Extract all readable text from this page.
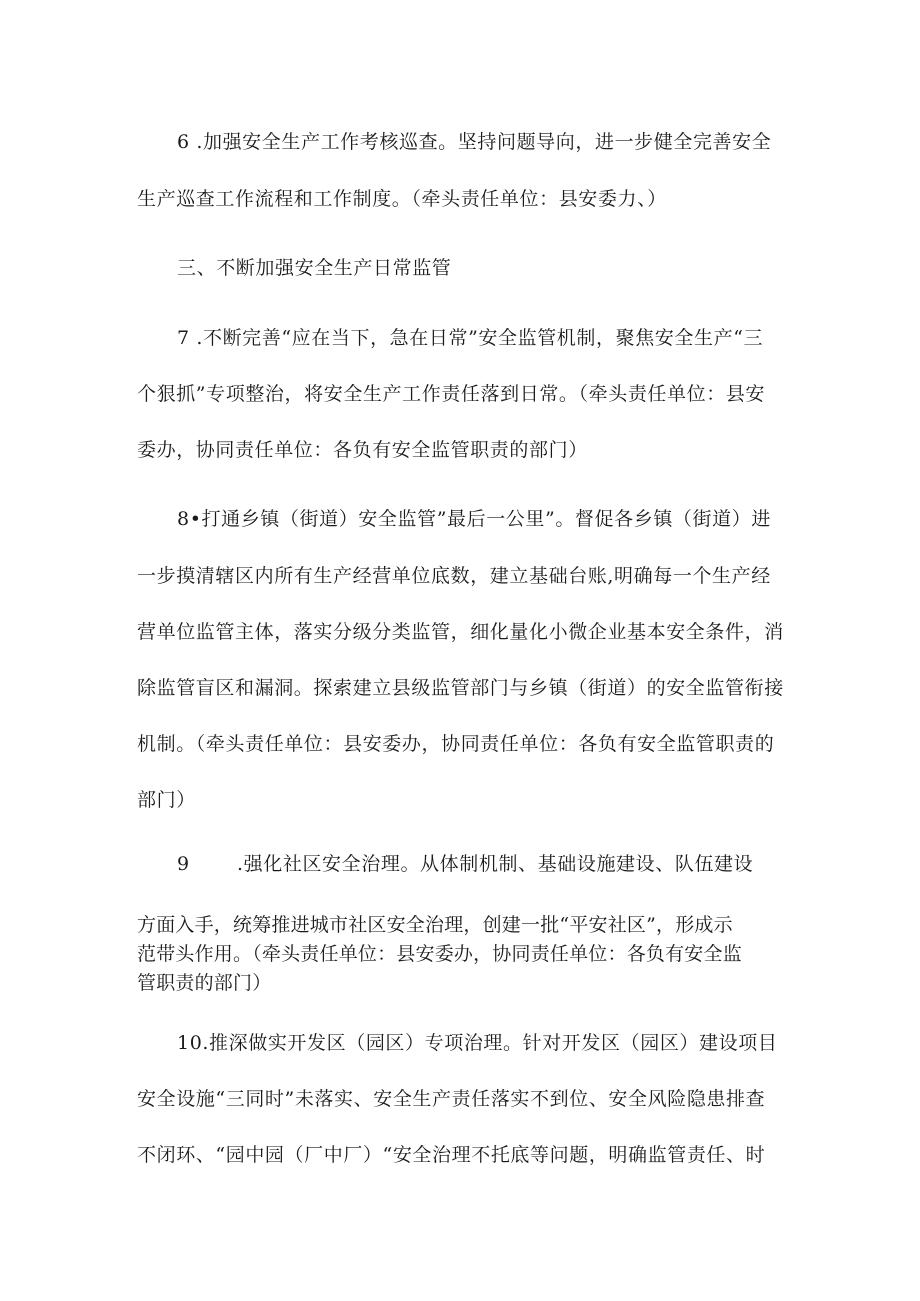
6 .加强安全生产工作考核巡查。坚持问题导向，进一步健全完善安全
生产巡查工作流程和工作制度。（牵头责任单位：县安委力、）
三、不断加强安全生产日常监管
7 .不断完善“应在当下，急在日常”安全监管机制，聚焦安全生产“三
个狠抓”专项整治，将安全生产工作责任落到日常。（牵头责任单位：县安
委办，协同责任单位：各负有安全监管职责的部门）
8•打通乡镇（街道）安全监管”最后一公里”。督促各乡镇（街道）进
一步摸清辖区内所有生产经营单位底数，建立基础台账,明确每一个生产经
营单位监管主体，落实分级分类监管，细化量化小微企业基本安全条件，消
除监管盲区和漏洞。探索建立县级监管部门与乡镇（街道）的安全监管衔接
机制。（牵头责任单位：县安委办，协同责任单位：各负有安全监管职责的
部门）
9 .强化社区安全治理。从体制机制、基础设施建设、队伍建设
方面入手，统筹推进城市社区安全治理，创建一批“平安社区”，形成示
范带头作用。（牵头责任单位：县安委办，协同责任单位：各负有安全监
管职责的部门）
10.推深做实开发区（园区）专项治理。针对开发区（园区）建设项目
安全设施“三同时”未落实、安全生产责任落实不到位、安全风险隐患排查
不闭环、“园中园（厂中厂）“安全治理不托底等问题，明确监管责任、时
